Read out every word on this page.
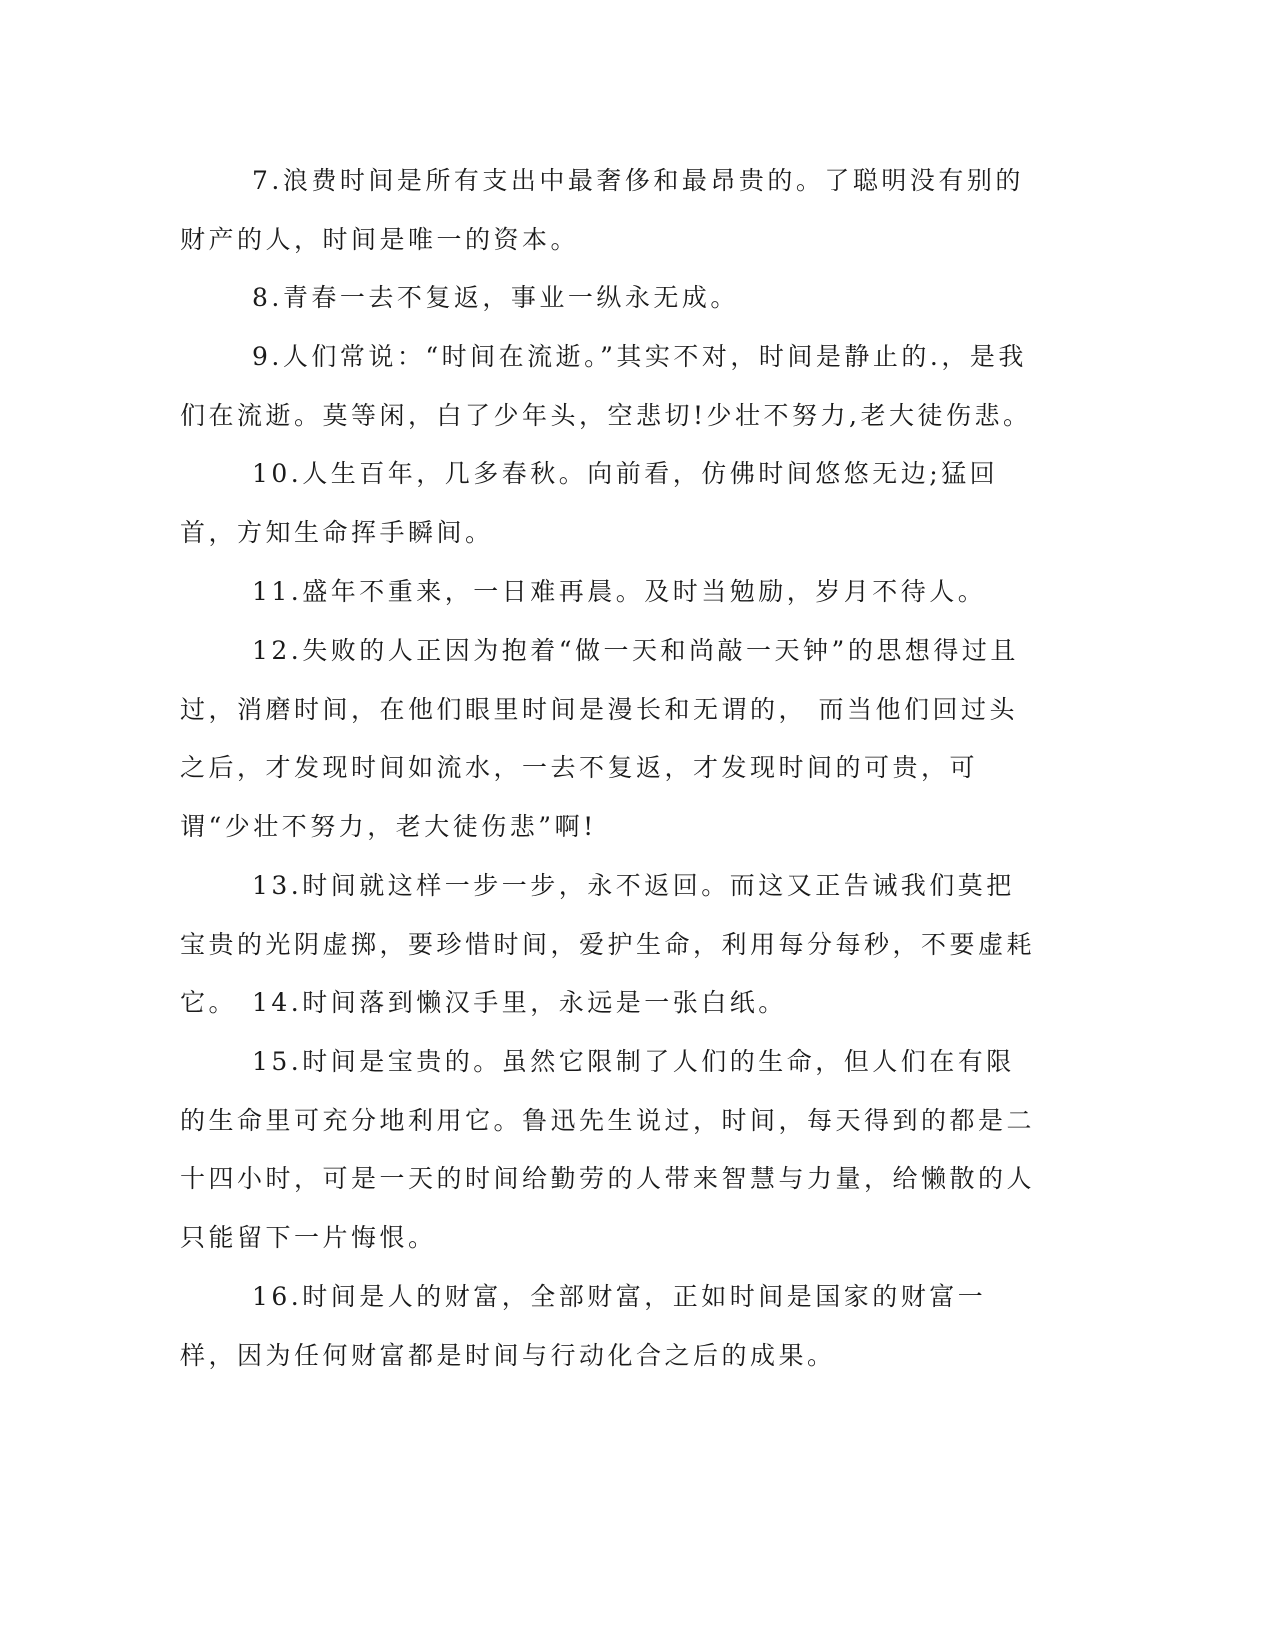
7.浪费时间是所有支出中最奢侈和最昂贵的。了聪明没有别的财产的人，时间是唯一的资本。

8.青春一去不复返，事业一纵永无成。

9.人们常说：“时间在流逝。”其实不对，时间是静止的.，是我们在流逝。莫等闲，白了少年头，空悲切!少壮不努力,老大徒伤悲。

10.人生百年，几多春秋。向前看，仿佛时间悠悠无边;猛回首，方知生命挥手瞬间。

11.盛年不重来，一日难再晨。及时当勉励，岁月不待人。

12.失败的人正因为抱着“做一天和尚敲一天钟”的思想得过且过，消磨时间，在他们眼里时间是漫长和无谓的， 而当他们回过头之后，才发现时间如流水，一去不复返，才发现时间的可贵，可谓“少壮不努力，老大徒伤悲”啊!

13.时间就这样一步一步，永不返回。而这又正告诫我们莫把宝贵的光阴虚掷，要珍惜时间，爱护生命，利用每分每秒，不要虚耗它。 14.时间落到懒汉手里，永远是一张白纸。

15.时间是宝贵的。虽然它限制了人们的生命，但人们在有限的生命里可充分地利用它。鲁迅先生说过，时间，每天得到的都是二十四小时，可是一天的时间给勤劳的人带来智慧与力量，给懒散的人只能留下一片悔恨。

16.时间是人的财富，全部财富，正如时间是国家的财富一样，因为任何财富都是时间与行动化合之后的成果。
